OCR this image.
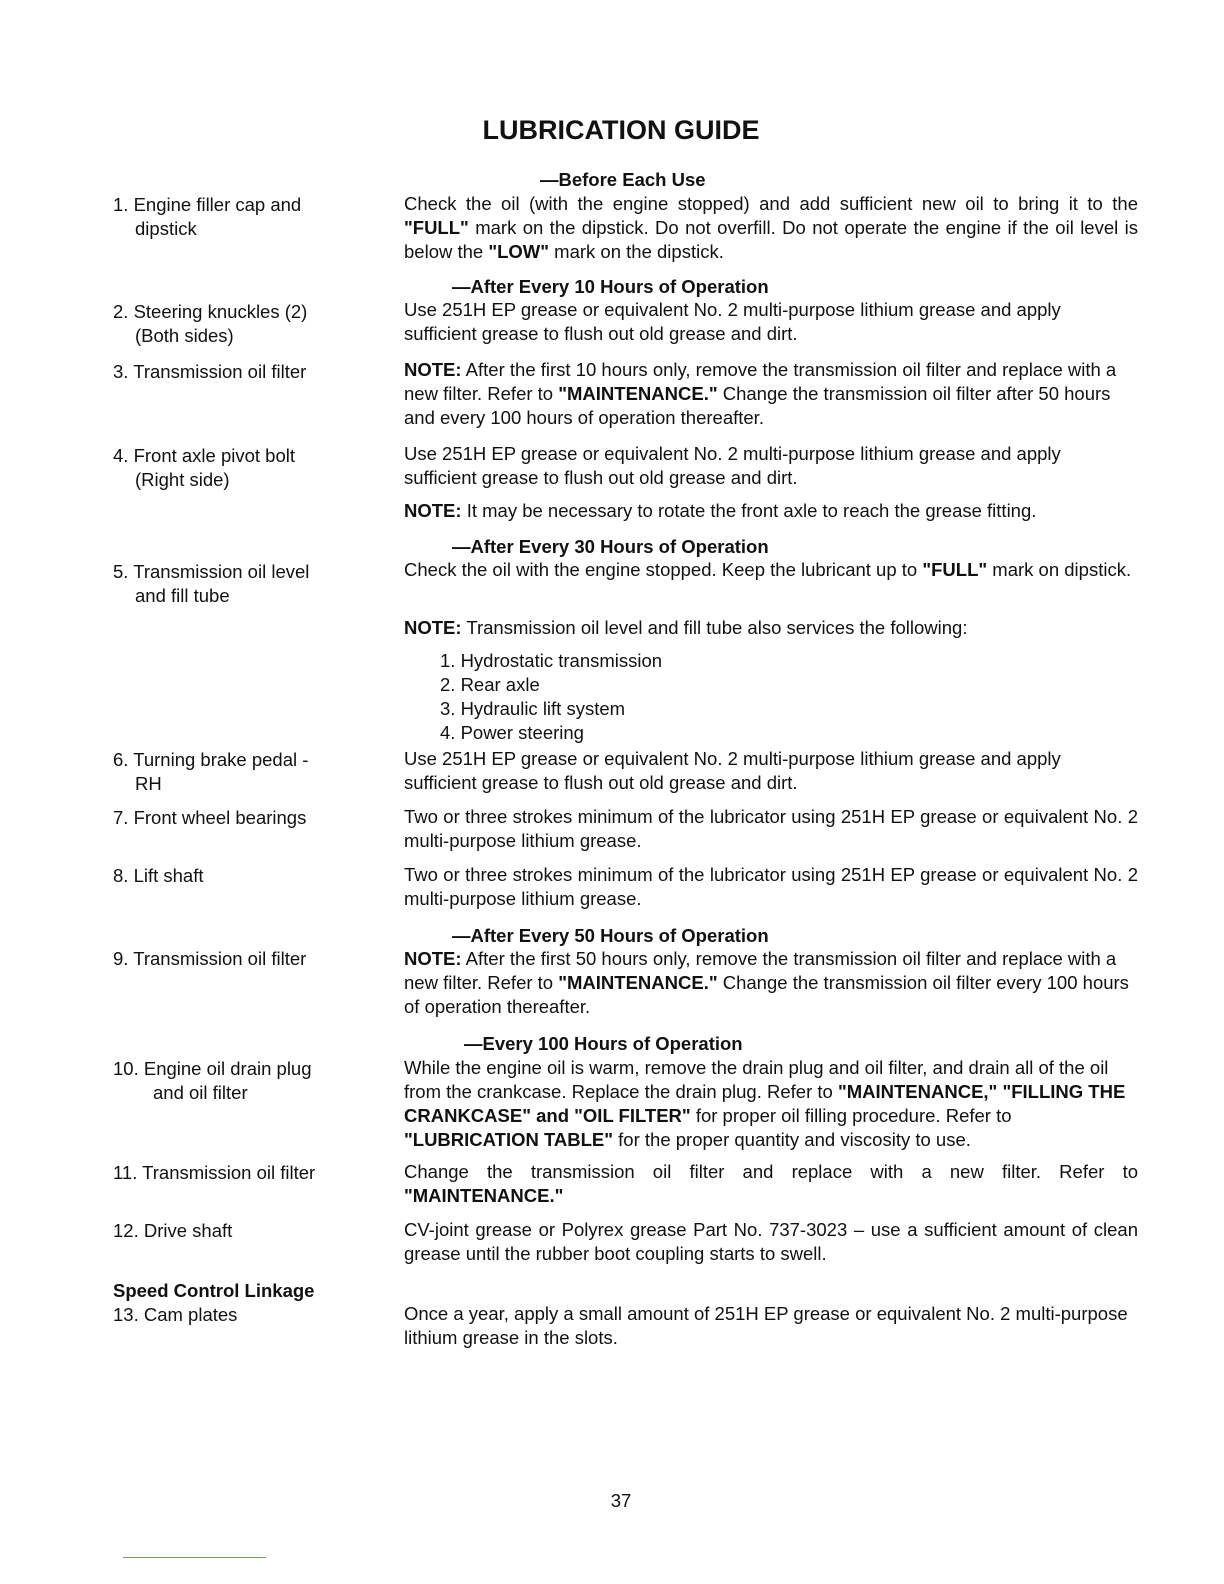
LUBRICATION GUIDE
1. Engine filler cap and
dipstick
2. Steering knuckles (2)
(Both sides)
3. Transmission oil filter
4. Front axle pivot bolt
(Right side)
5. Transmission oil level
and fill tube
6. Turning brake pedal -
RH
7. Front wheel bearings
8. Lift shaft
9. Transmission oil filter
10. Engine oil drain plug
and oil filter
11. Transmission oil filter
12. Drive shaft
Speed Control Linkage
13. Cam plates
—Before Each Use
Check the oil (with the engine stopped) and add sufficient new oil to bring it to the "FULL" mark on the dipstick. Do not overfill. Do not operate the engine if the oil level is below the "LOW" mark on the dipstick.
—After Every 10 Hours of Operation
Use 251H EP grease or equivalent No. 2 multi-purpose lithium grease and apply sufficient grease to flush out old grease and dirt.
NOTE: After the first 10 hours only, remove the transmission oil filter and replace with a new filter. Refer to "MAINTENANCE." Change the transmission oil filter after 50 hours and every 100 hours of operation thereafter.
Use 251H EP grease or equivalent No. 2 multi-purpose lithium grease and apply sufficient grease to flush out old grease and dirt.
NOTE: It may be necessary to rotate the front axle to reach the grease fitting.
—After Every 30 Hours of Operation
Check the oil with the engine stopped. Keep the lubricant up to "FULL" mark on dipstick.
NOTE: Transmission oil level and fill tube also services the following:
1. Hydrostatic transmission
2. Rear axle
3. Hydraulic lift system
4. Power steering
Use 251H EP grease or equivalent No. 2 multi-purpose lithium grease and apply sufficient grease to flush out old grease and dirt.
Two or three strokes minimum of the lubricator using 251H EP grease or equivalent No. 2 multi-purpose lithium grease.
Two or three strokes minimum of the lubricator using 251H EP grease or equivalent No. 2 multi-purpose lithium grease.
—After Every 50 Hours of Operation
NOTE: After the first 50 hours only, remove the transmission oil filter and replace with a new filter. Refer to "MAINTENANCE." Change the transmission oil filter every 100 hours of operation thereafter.
—Every 100 Hours of Operation
While the engine oil is warm, remove the drain plug and oil filter, and drain all of the oil from the crankcase. Replace the drain plug. Refer to "MAINTENANCE," "FILLING THE CRANKCASE" and "OIL FILTER" for proper oil filling procedure. Refer to "LUBRICATION TABLE" for the proper quantity and viscosity to use.
Change the transmission oil filter and replace with a new filter. Refer to "MAINTENANCE."
CV-joint grease or Polyrex grease Part No. 737-3023 – use a sufficient amount of clean grease until the rubber boot coupling starts to swell.
Once a year, apply a small amount of 251H EP grease or equivalent No. 2 multi-purpose lithium grease in the slots.
37
